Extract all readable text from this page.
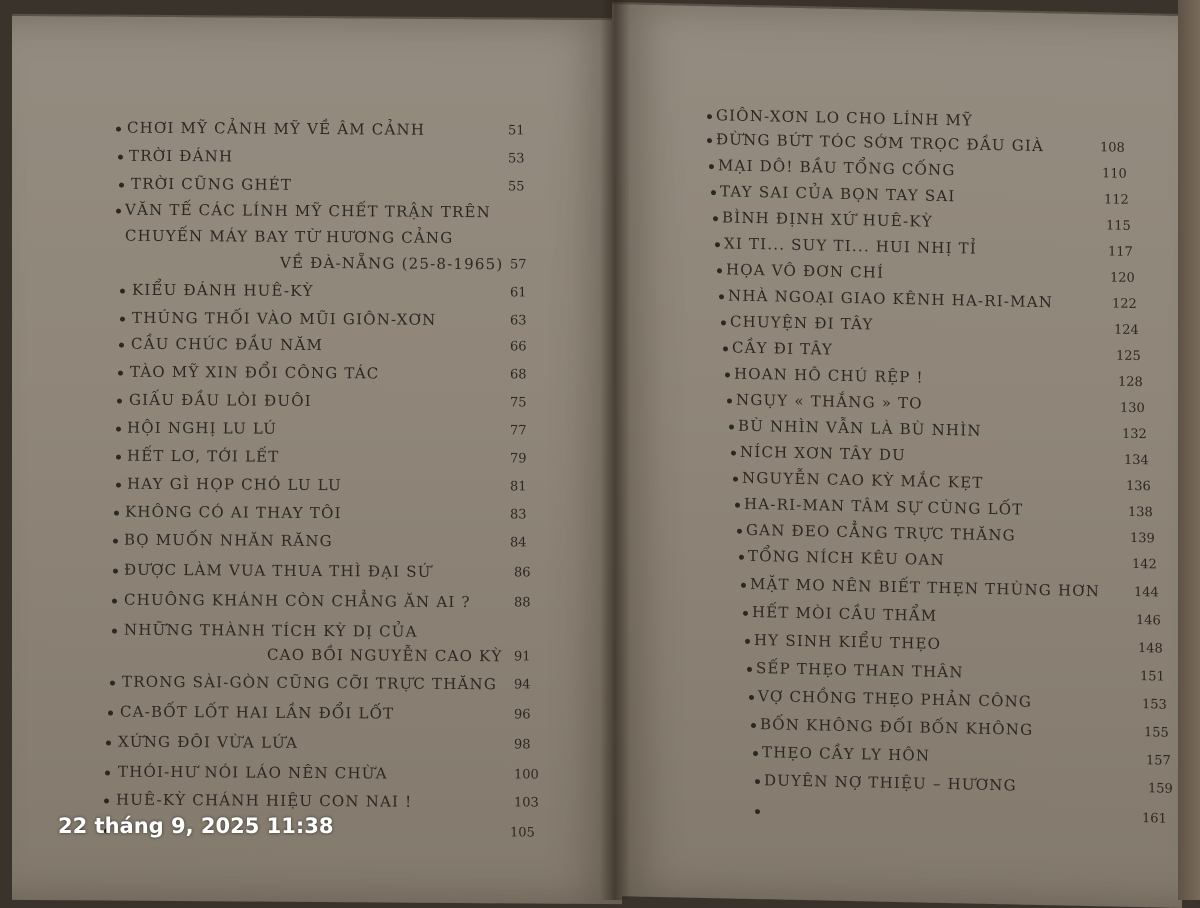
CHƠI MỸ CẢNH MỸ VỀ ÂM CẢNH	51
TRỜI ĐÁNH	53
TRỜI CŨNG GHÉT	55
VĂN TẾ CÁC LÍNH MỸ CHẾT TRẬN TRÊN
CHUYẾN MÁY BAY TỪ HƯƠNG CẢNG
VỀ ĐÀ-NẴNG (25-8-1965) 57
KIỂU ĐÁNH HUÊ-KỲ	61
THÚNG THỐI VÀO MŨI GIÔN-XƠN	63
CẦU CHÚC ĐẦU NĂM	66
TÀO MỸ XIN ĐỔI CÔNG TÁC	68
GIẤU ĐẦU LÒI ĐUÔI	75
HỘI NGHỊ LU LÚ	77
HẾT LƠ, TỚI LẾT	79
HAY GÌ HỌP CHÓ LU LU	81
KHÔNG CÓ AI THAY TÔI	83
BỌ MUỐN NHĂN RĂNG	84
ĐƯỢC LÀM VUA THUA THÌ ĐẠI SỨ	86
CHUÔNG KHÁNH CÒN CHẲNG ĂN AI ?	88
NHỮNG THÀNH TÍCH KỲ DỊ CỦA
CAO BỒI NGUYỄN CAO KỲ 91
TRONG SÀI-GÒN CŨNG CỠI TRỰC THĂNG 94
CA-BỐT LỐT HAI LẦN ĐỔI LỐT	96
XỨNG ĐÔI VỪA LỨA	98
THÓI-HƯ NÓI LÁO NÊN CHỪA	100
HUÊ-KỲ CHÁNH HIỆU CON NAI !	103
105
GIÔN-XƠN LO CHO LÍNH MỸ
ĐỪNG BỨT TÓC SỚM TRỌC ĐẦU GIÀ	108
MẠI DÔ! BẦU TỔNG CỐNG	110
TAY SAI CỦA BỌN TAY SAI	112
BÌNH ĐỊNH XỨ HUÊ-KỲ	115
XI TI... SUY TI... HUI NHỊ TỈ	117
HỌA VÔ ĐƠN CHÍ	120
NHÀ NGOẠI GIAO KÊNH HA-RI-MAN	122
CHUYỆN ĐI TÂY	124
CẦY ĐI TÂY	125
HOAN HÔ CHÚ RỆP !	128
NGỤY « THẮNG » TO	130
BÙ NHÌN VẪN LÀ BÙ NHÌN	132
NÍCH XƠN TÂY DU	134
NGUYỄN CAO KỲ MẮC KẸT	136
HA-RI-MAN TÂM SỰ CÙNG LỐT	138
GAN ĐEO CẲNG TRỰC THĂNG	139
TỔNG NÍCH KÊU OAN	142
MẶT MO NÊN BIẾT THẸN THÙNG HƠN	144
HẾT MÒI CẦU THẨM	146
HY SINH KIỂU THẸO	148
SẾP THẸO THAN THÂN	151
VỢ CHỒNG THẸO PHẢN CÔNG	153
BỐN KHÔNG ĐỐI BỐN KHÔNG	155
THẸO CẦY LY HÔN	157
DUYÊN NỢ THIỆU – HƯƠNG	159
161
22 tháng 9, 2025 11:38
